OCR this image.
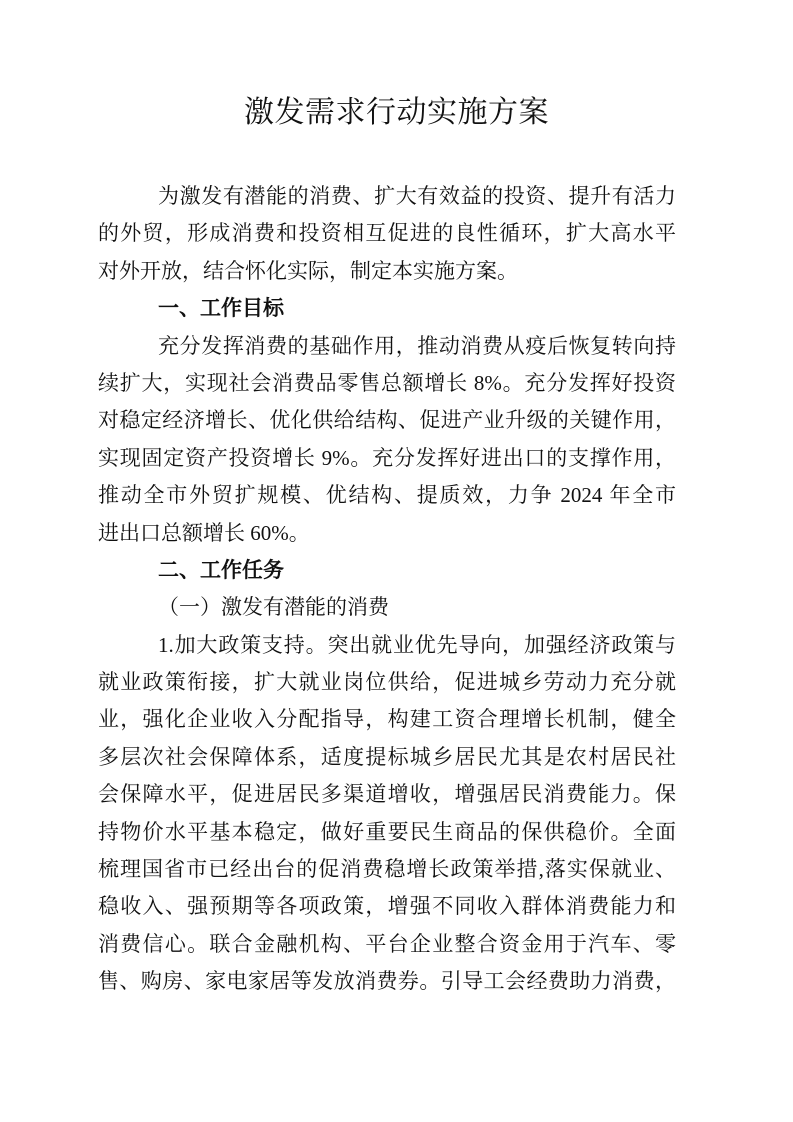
激发需求行动实施方案
为激发有潜能的消费、扩大有效益的投资、提升有活力
的外贸，形成消费和投资相互促进的良性循环，扩大高水平
对外开放，结合怀化实际，制定本实施方案。
一、工作目标
充分发挥消费的基础作用，推动消费从疫后恢复转向持
续扩大，实现社会消费品零售总额增长 8%。充分发挥好投资
对稳定经济增长、优化供给结构、促进产业升级的关键作用，
实现固定资产投资增长 9%。充分发挥好进出口的支撑作用，
推动全市外贸扩规模、优结构、提质效，力争 2024 年全市
进出口总额增长 60%。
二、工作任务
（一）激发有潜能的消费
1.加大政策支持。突出就业优先导向，加强经济政策与
就业政策衔接，扩大就业岗位供给，促进城乡劳动力充分就
业，强化企业收入分配指导，构建工资合理增长机制，健全
多层次社会保障体系，适度提标城乡居民尤其是农村居民社
会保障水平，促进居民多渠道增收，增强居民消费能力。保
持物价水平基本稳定，做好重要民生商品的保供稳价。全面
梳理国省市已经出台的促消费稳增长政策举措,落实保就业、
稳收入、强预期等各项政策，增强不同收入群体消费能力和
消费信心。联合金融机构、平台企业整合资金用于汽车、零
售、购房、家电家居等发放消费券。引导工会经费助力消费，
